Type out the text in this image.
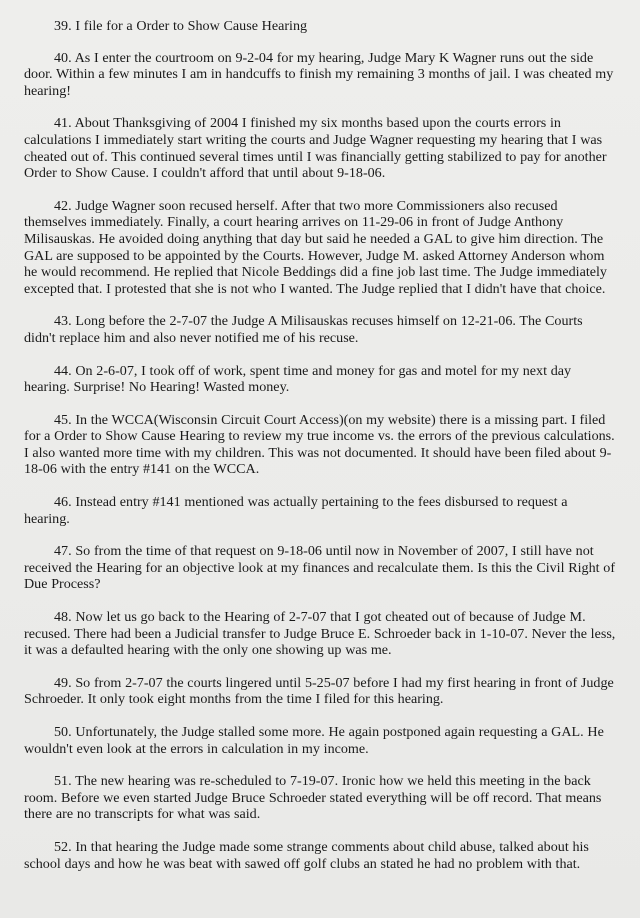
39. I file for a Order to Show Cause Hearing

40. As I enter the courtroom on 9-2-04 for my hearing, Judge Mary K Wagner runs out the side door. Within a few minutes I am in handcuffs to finish my remaining 3 months of jail. I was cheated my hearing!

41. About Thanksgiving of 2004 I finished my six months based upon the courts errors in calculations I immediately start writing the courts and Judge Wagner requesting my hearing that I was cheated out of. This continued several times until I was financially getting stabilized to pay for another Order to Show Cause. I couldn't afford that until about 9-18-06.

42. Judge Wagner soon recused herself. After that two more Commissioners also recused themselves immediately. Finally, a court hearing arrives on 11-29-06 in front of Judge Anthony Milisauskas. He avoided doing anything that day but said he needed a GAL to give him direction. The GAL are supposed to be appointed by the Courts. However, Judge M. asked Attorney Anderson whom he would recommend. He replied that Nicole Beddings did a fine job last time. The Judge immediately excepted that. I protested that she is not who I wanted. The Judge replied that I didn't have that choice.

43. Long before the 2-7-07 the Judge A Milisauskas recuses himself on 12-21-06. The Courts didn't replace him and also never notified me of his recuse.

44. On 2-6-07, I took off of work, spent time and money for gas and motel for my next day hearing. Surprise! No Hearing! Wasted money.

45. In the WCCA(Wisconsin Circuit Court Access)(on my website) there is a missing part. I filed for a Order to Show Cause Hearing to review my true income vs. the errors of the previous calculations. I also wanted more time with my children. This was not documented. It should have been filed about 9-18-06 with the entry #141 on the WCCA.

46. Instead entry #141 mentioned was actually pertaining to the fees disbursed to request a hearing.

47. So from the time of that request on 9-18-06 until now in November of 2007, I still have not received the Hearing for an objective look at my finances and recalculate them. Is this the Civil Right of Due Process?

48. Now let us go back to the Hearing of 2-7-07 that I got cheated out of because of Judge M. recused. There had been a Judicial transfer to Judge Bruce E. Schroeder back in 1-10-07. Never the less, it was a defaulted hearing with the only one showing up was me.

49. So from 2-7-07 the courts lingered until 5-25-07 before I had my first hearing in front of Judge Schroeder. It only took eight months from the time I filed for this hearing.

50. Unfortunately, the Judge stalled some more. He again postponed again requesting a GAL. He wouldn't even look at the errors in calculation in my income.

51. The new hearing was re-scheduled to 7-19-07. Ironic how we held this meeting in the back room. Before we even started Judge Bruce Schroeder stated everything will be off record. That means there are no transcripts for what was said.

52. In that hearing the Judge made some strange comments about child abuse, talked about his school days and how he was beat with sawed off golf clubs an stated he had no problem with that.
